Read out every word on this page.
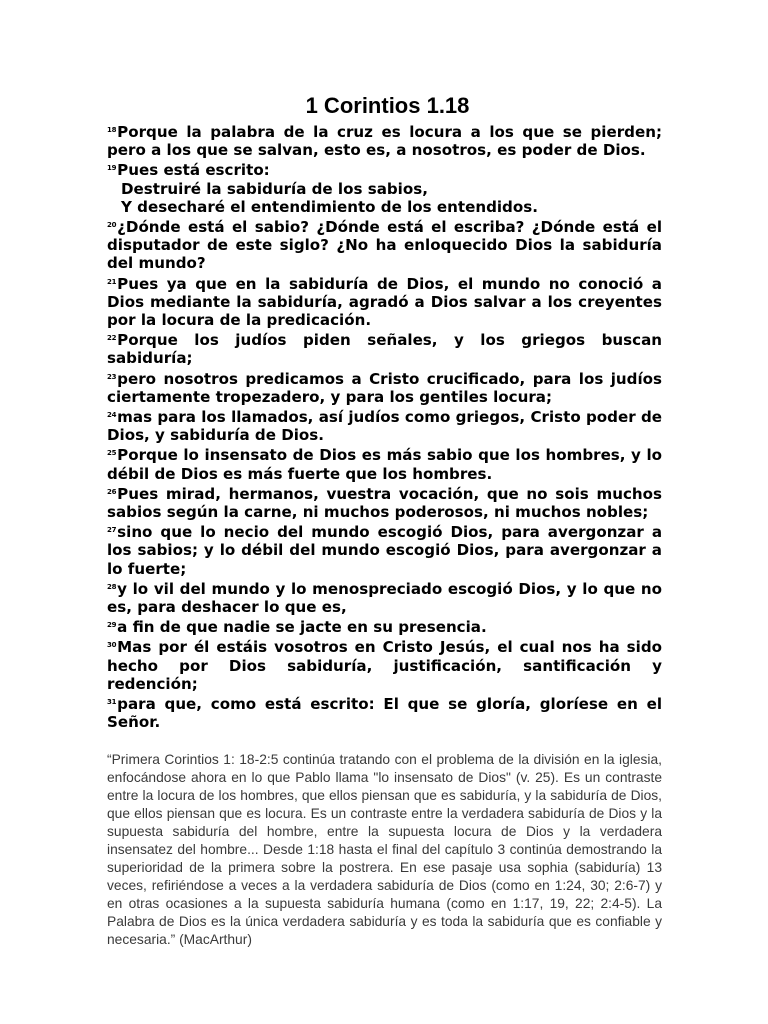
1 Corintios 1.18

$^{18}$Porque la palabra de la cruz es locura a los que se pierden; pero a los que se salvan, esto es, a nosotros, es poder de Dios.

$^{19}$Pues está escrito:

Destruiré la sabiduría de los sabios,
Y desecharé el entendimiento de los entendidos.

$^{20}$¿Dónde está el sabio? ¿Dónde está el escriba? ¿Dónde está el disputador de este siglo? ¿No ha enloquecido Dios la sabiduría del mundo?

$^{21}$Pues ya que en la sabiduría de Dios, el mundo no conoció a Dios mediante la sabiduría, agradó a Dios salvar a los creyentes por la locura de la predicación.

$^{22}$Porque los judíos piden señales, y los griegos buscan sabiduría;

$^{23}$pero nosotros predicamos a Cristo crucificado, para los judíos ciertamente tropezadero, y para los gentiles locura;

$^{24}$mas para los llamados, así judíos como griegos, Cristo poder de Dios, y sabiduría de Dios.

$^{25}$Porque lo insensato de Dios es más sabio que los hombres, y lo débil de Dios es más fuerte que los hombres.

$^{26}$Pues mirad, hermanos, vuestra vocación, que no sois muchos sabios según la carne, ni muchos poderosos, ni muchos nobles;

$^{27}$sino que lo necio del mundo escogió Dios, para avergonzar a los sabios; y lo débil del mundo escogió Dios, para avergonzar a lo fuerte;

$^{28}$y lo vil del mundo y lo menospreciado escogió Dios, y lo que no es, para deshacer lo que es,

$^{29}$a fin de que nadie se jacte en su presencia.

$^{30}$Mas por él estáis vosotros en Cristo Jesús, el cual nos ha sido hecho por Dios sabiduría, justificación, santificación y redención;

$^{31}$para que, como está escrito: El que se gloría, gloríese en el Señor.

“Primera Corintios 1: 18-2:5 continúa tratando con el problema de la división en la iglesia, enfocándose ahora en lo que Pablo llama "lo insensato de Dios" (v. 25). Es un contraste entre la locura de los hombres, que ellos piensan que es sabiduría, y la sabiduría de Dios, que ellos piensan que es locura. Es un contraste entre la verdadera sabiduría de Dios y la supuesta sabiduría del hombre, entre la supuesta locura de Dios y la verdadera insensatez del hombre... Desde 1:18 hasta el final del capítulo 3 continúa demostrando la superioridad de la primera sobre la postrera. En ese pasaje usa sophia (sabiduría) 13 veces, refiriéndose a veces a la verdadera sabiduría de Dios (como en 1:24, 30; 2:6-7) y en otras ocasiones a la supuesta sabiduría humana (como en 1:17, 19, 22; 2:4-5). La Palabra de Dios es la única verdadera sabiduría y es toda la sabiduría que es confiable y necesaria.” (MacArthur)
